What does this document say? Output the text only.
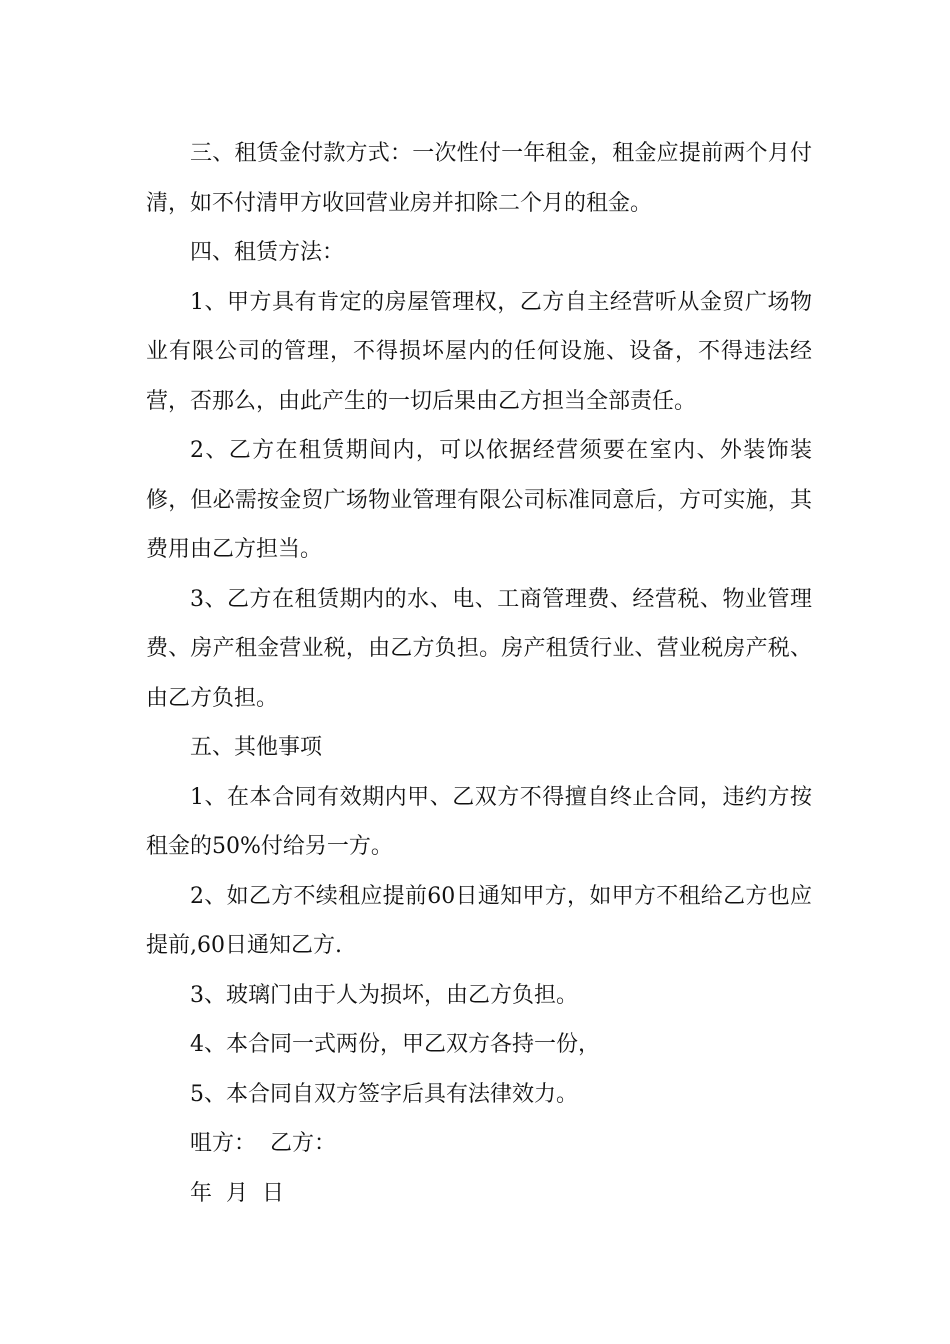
三、租赁金付款方式：一次性付一年租金，租金应提前两个月付清，如不付清甲方收回营业房并扣除二个月的租金。

四、租赁方法：

1、甲方具有肯定的房屋管理权，乙方自主经营听从金贸广场物业有限公司的管理，不得损坏屋内的任何设施、设备，不得违法经营，否那么，由此产生的一切后果由乙方担当全部责任。

2、乙方在租赁期间内，可以依据经营须要在室内、外装饰装修，但必需按金贸广场物业管理有限公司标准同意后，方可实施，其费用由乙方担当。

3、乙方在租赁期内的水、电、工商管理费、经营税、物业管理费、房产租金营业税，由乙方负担。房产租赁行业、营业税房产税、由乙方负担。

五、其他事项

1、在本合同有效期内甲、乙双方不得擅自终止合同，违约方按租金的50%付给另一方。

2、如乙方不续租应提前60日通知甲方，如甲方不租给乙方也应提前,60日通知乙方.

3、玻璃门由于人为损坏，由乙方负担。

4、本合同一式两份，甲乙双方各持一份，

5、本合同自双方签字后具有法律效力。

咀方：  乙方：

年  月  日
